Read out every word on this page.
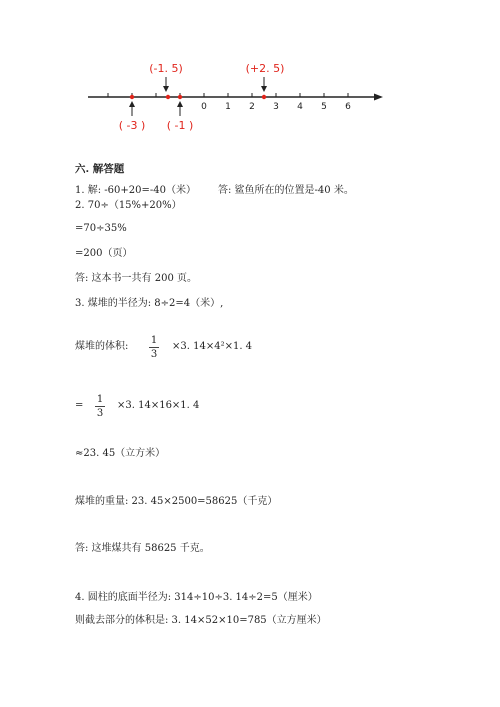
0 1 2 3 4 5 6
(-1. 5)	(+2. 5)
( -3 ) ( -1 )
六. 解答题
1. 解: -60+20=-40（米） 答: 鲨鱼所在的位置是-40 米。
2. 70÷（15%+20%）
=70÷35%
=200（页）
答: 这本书一共有 200 页。
3. 煤堆的半径为: 8÷2=4（米）,
煤堆的体积:
1
3
×3. 14×4²×1. 4
=
1
3
×3. 14×16×1. 4
≈23. 45（立方米）
煤堆的重量: 23. 45×2500=58625（千克）
答: 这堆煤共有 58625 千克。
4. 圆柱的底面半径为: 314÷10÷3. 14÷2=5（厘米）
则截去部分的体积是: 3. 14×52×10=785（立方厘米）
